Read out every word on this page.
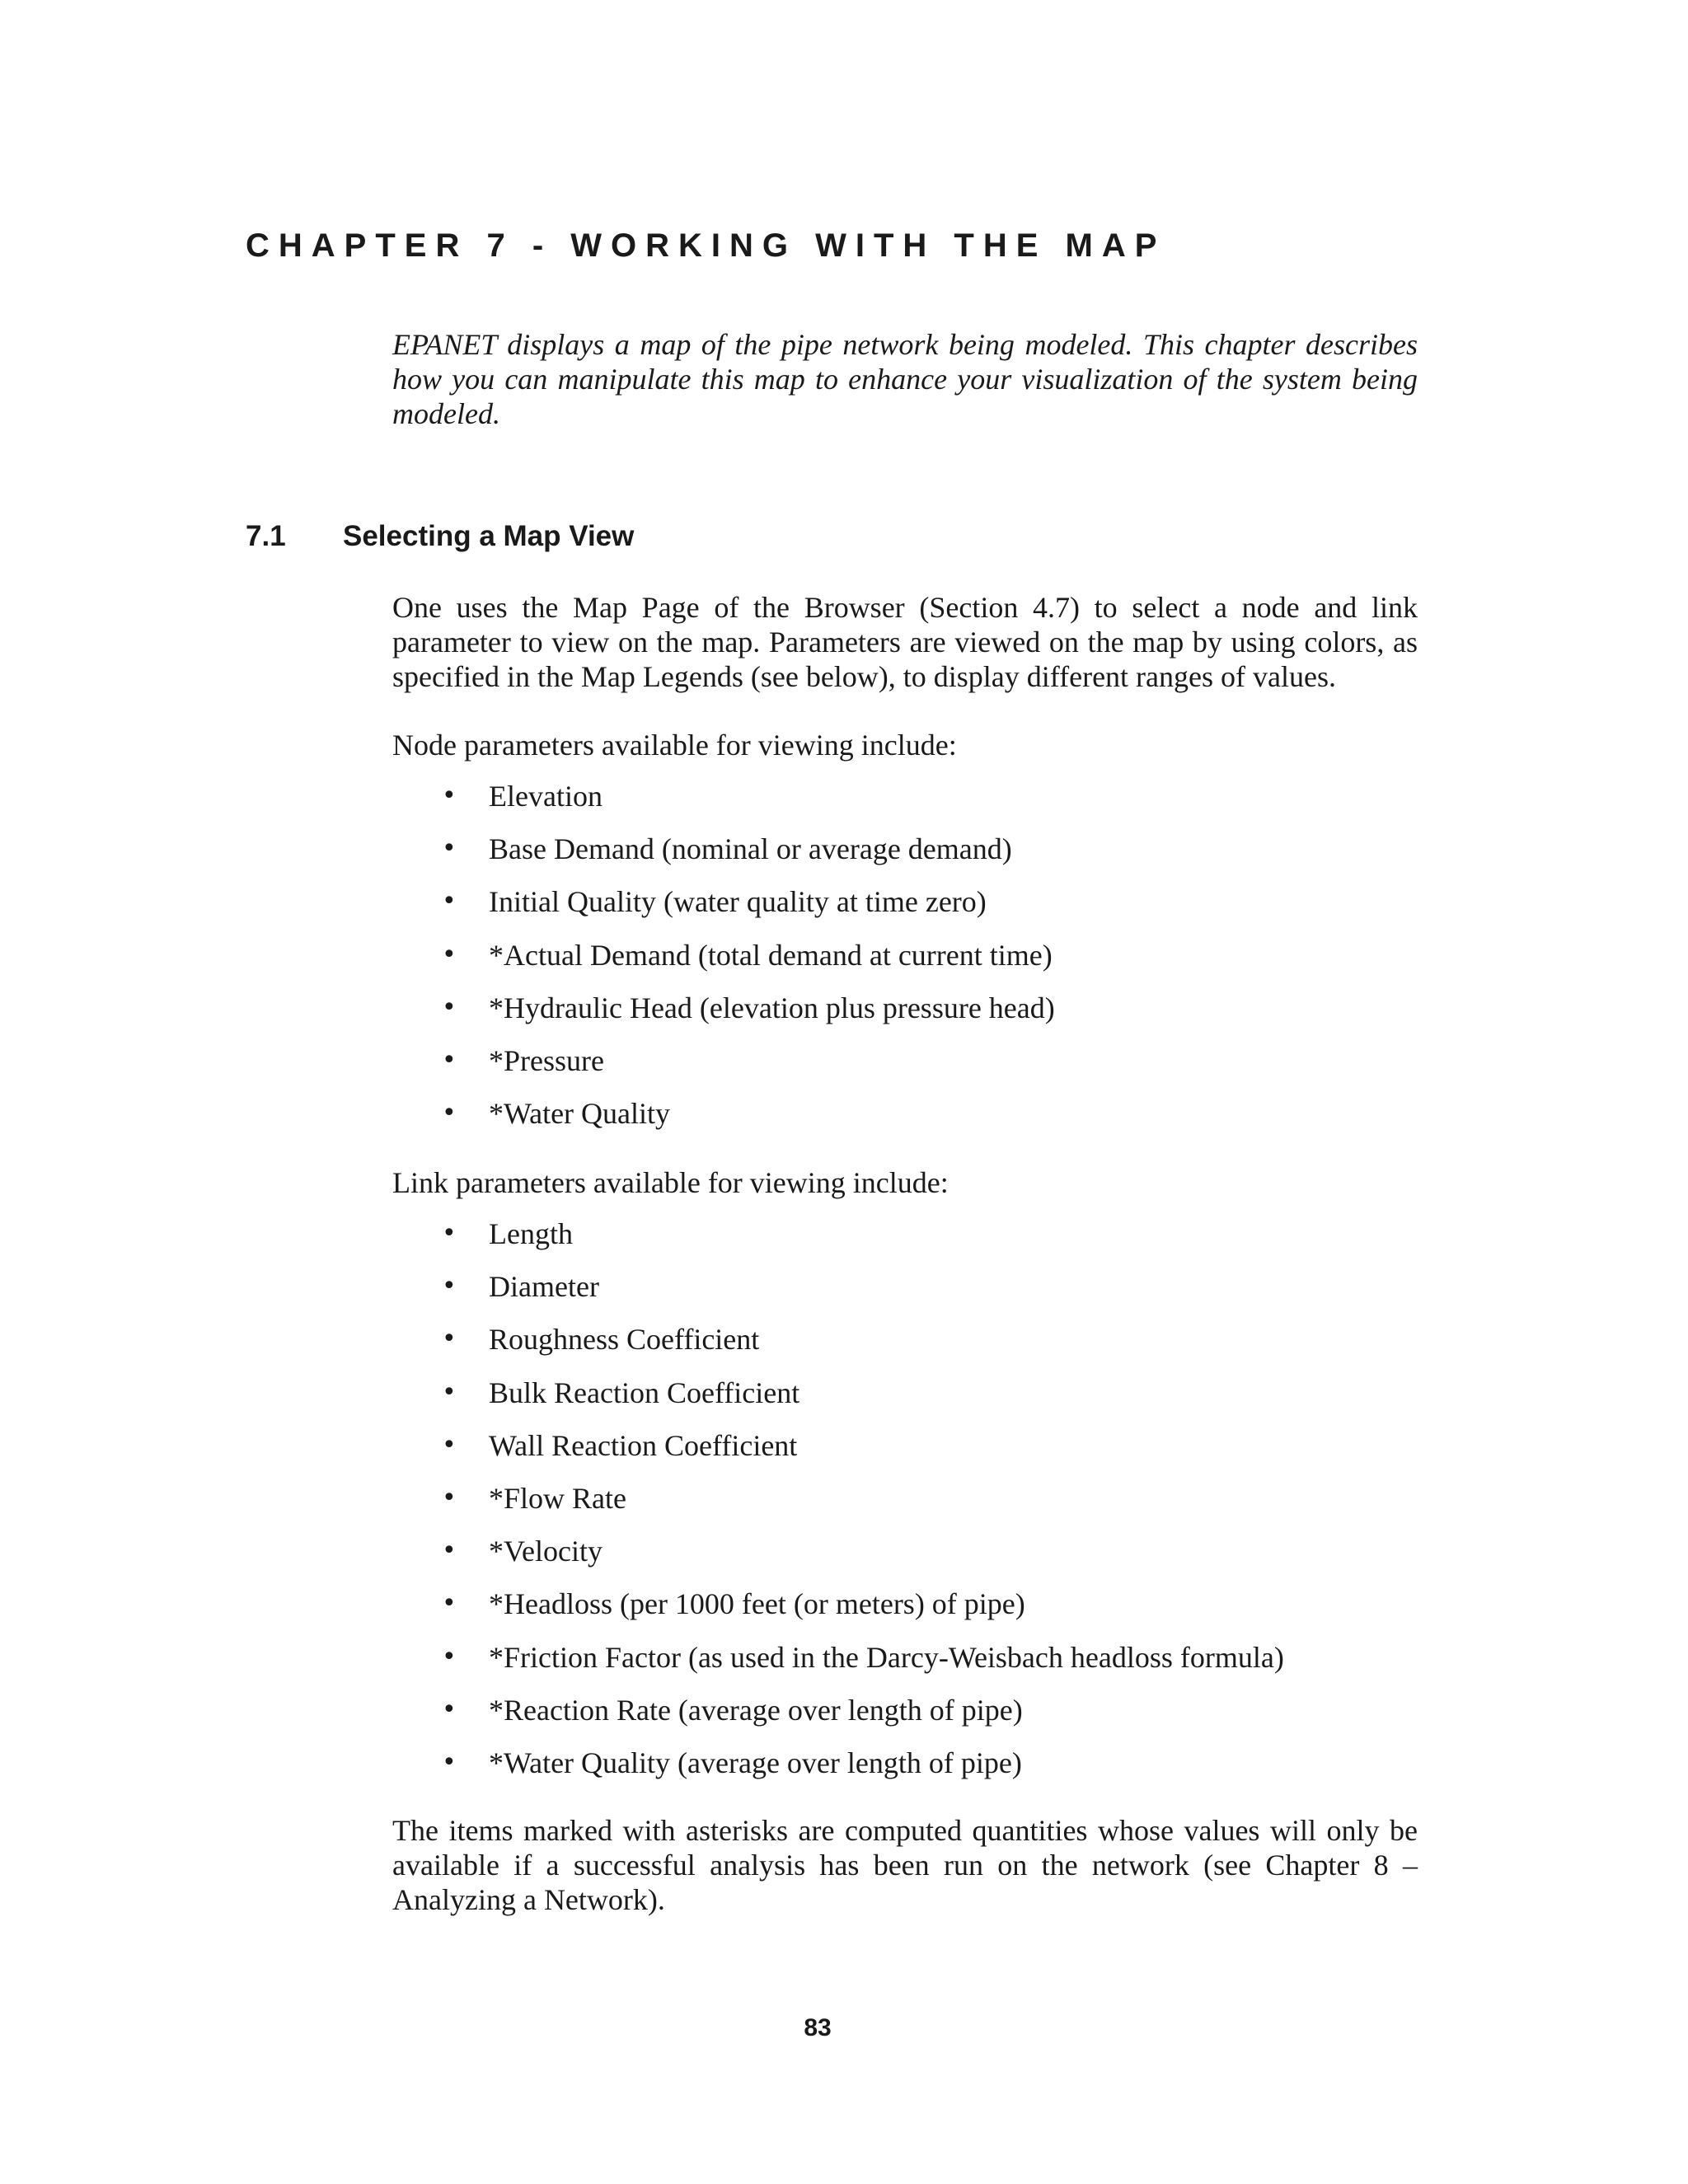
CHAPTER 7 - WORKING WITH THE MAP

EPANET displays a map of the pipe network being modeled. This chapter describes how you can manipulate this map to enhance your visualization of the system being modeled.

7.1 Selecting a Map View

One uses the Map Page of the Browser (Section 4.7) to select a node and link parameter to view on the map. Parameters are viewed on the map by using colors, as specified in the Map Legends (see below), to display different ranges of values.

Node parameters available for viewing include:

• Elevation
• Base Demand (nominal or average demand)
• Initial Quality (water quality at time zero)
• *Actual Demand (total demand at current time)
• *Hydraulic Head (elevation plus pressure head)
• *Pressure
• *Water Quality

Link parameters available for viewing include:

• Length
• Diameter
• Roughness Coefficient
• Bulk Reaction Coefficient
• Wall Reaction Coefficient
• *Flow Rate
• *Velocity
• *Headloss (per 1000 feet (or meters) of pipe)
• *Friction Factor (as used in the Darcy-Weisbach headloss formula)
• *Reaction Rate (average over length of pipe)
• *Water Quality (average over length of pipe)

The items marked with asterisks are computed quantities whose values will only be available if a successful analysis has been run on the network (see Chapter 8 – Analyzing a Network).

83
